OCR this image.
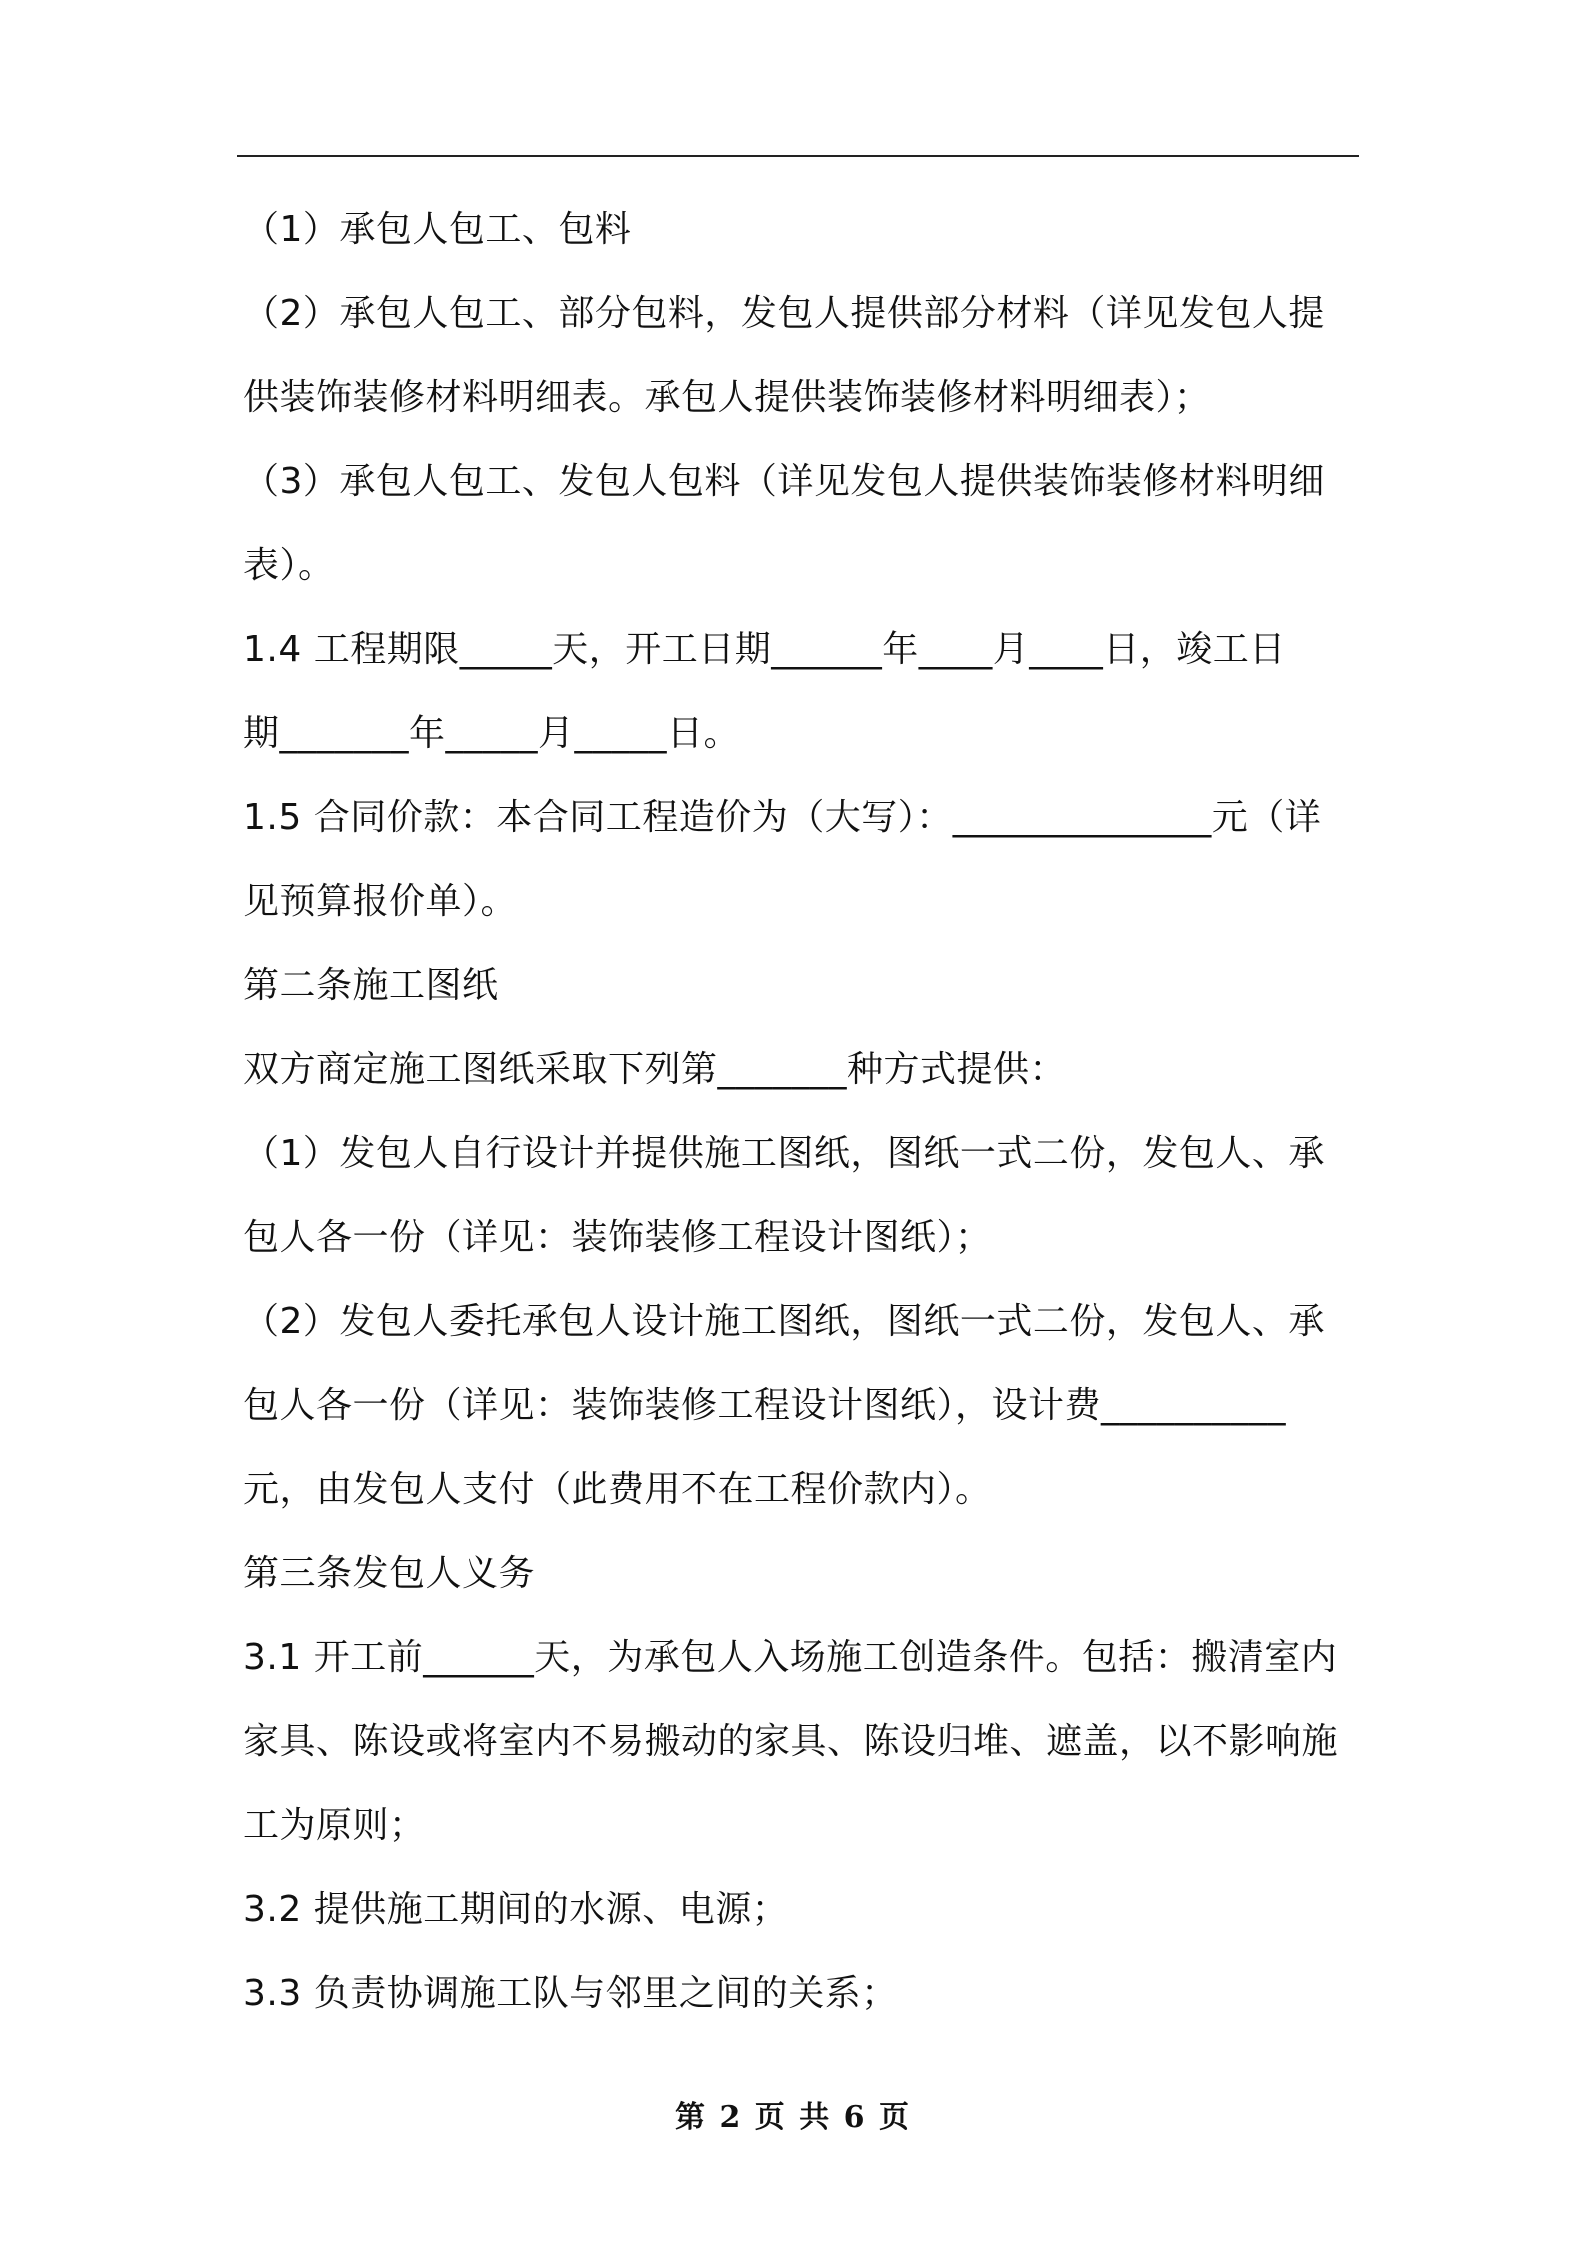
（1）承包人包工、包料
（2）承包人包工、部分包料，发包人提供部分材料（详见发包人提
供装饰装修材料明细表。承包人提供装饰装修材料明细表）；
（3）承包人包工、发包人包料（详见发包人提供装饰装修材料明细
表）。
1.4 工程期限_____天，开工日期______年____月____日，竣工日
期_______年_____月_____日。
1.5 合同价款：本合同工程造价为（大写）：______________元（详
见预算报价单）。
第二条施工图纸
双方商定施工图纸采取下列第_______种方式提供：
（1）发包人自行设计并提供施工图纸，图纸一式二份，发包人、承
包人各一份（详见：装饰装修工程设计图纸）；
（2）发包人委托承包人设计施工图纸，图纸一式二份，发包人、承
包人各一份（详见：装饰装修工程设计图纸），设计费__________
元，由发包人支付（此费用不在工程价款内）。
第三条发包人义务
3.1 开工前______天，为承包人入场施工创造条件。包括：搬清室内
家具、陈设或将室内不易搬动的家具、陈设归堆、遮盖，以不影响施
工为原则；
3.2 提供施工期间的水源、电源；
3.3 负责协调施工队与邻里之间的关系；
第 2 页 共 6 页
